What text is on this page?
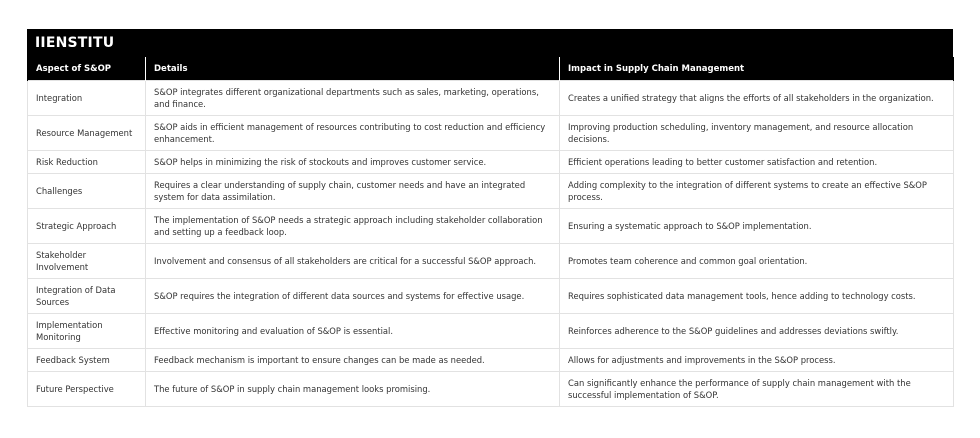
IIENSTITU
Aspect of S&OP	Details	Impact in Supply Chain Management
Integration	S&OP integrates different organizational departments such as sales, marketing, operations, and finance.	Creates a unified strategy that aligns the efforts of all stakeholders in the organization.
Resource Management	S&OP aids in efficient management of resources contributing to cost reduction and efficiency enhancement.	Improving production scheduling, inventory management, and resource allocation decisions.
Risk Reduction	S&OP helps in minimizing the risk of stockouts and improves customer service.	Efficient operations leading to better customer satisfaction and retention.
Challenges	Requires a clear understanding of supply chain, customer needs and have an integrated system for data assimilation.	Adding complexity to the integration of different systems to create an effective S&OP process.
Strategic Approach	The implementation of S&OP needs a strategic approach including stakeholder collaboration and setting up a feedback loop.	Ensuring a systematic approach to S&OP implementation.
Stakeholder Involvement	Involvement and consensus of all stakeholders are critical for a successful S&OP approach.	Promotes team coherence and common goal orientation.
Integration of Data Sources	S&OP requires the integration of different data sources and systems for effective usage.	Requires sophisticated data management tools, hence adding to technology costs.
Implementation Monitoring	Effective monitoring and evaluation of S&OP is essential.	Reinforces adherence to the S&OP guidelines and addresses deviations swiftly.
Feedback System	Feedback mechanism is important to ensure changes can be made as needed.	Allows for adjustments and improvements in the S&OP process.
Future Perspective	The future of S&OP in supply chain management looks promising.	Can significantly enhance the performance of supply chain management with the successful implementation of S&OP.
